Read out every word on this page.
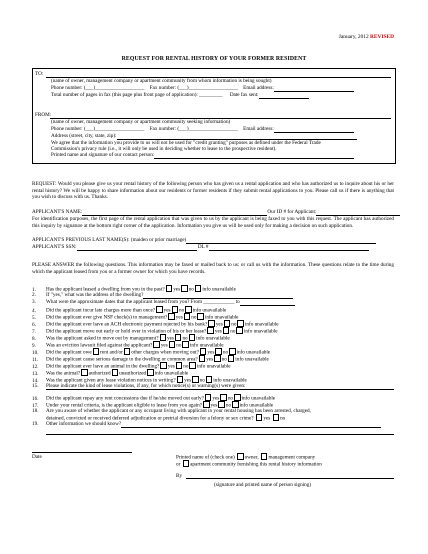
January, 2012 REVISED
REQUEST FOR RENTAL HISTORY OF YOUR FORMER RESIDENT
TO:
(name of owner, management company or apartment community from whom information is being sought)
Phone number: (___)___________________ Fax number: (___)___________________ Email address:
Total number of pages in fax (this page plus front page of application): _________ Date fax sent:
FROM:
(name of owner, management company or apartment community seeking information)
Phone number: (___)___________________ Fax number: (___)___________________ Email address:
Address (street, city, state, zip):
We agree that the information you provide to us will not be used for "credit granting" purposes as defined under the Federal Trade
Commission's privacy rule (i.e., it will only be used in deciding whether to lease to the prospective resident).
Printed name and signature of our contact person:
REQUEST: Would you please give us your rental history of the following person who has given us a rental application and who has authorized us to inquire about his or her rental history? We will be happy to share information about our residents or former residents if they submit rental applications to you. Please call us if there is anything that you wish to discuss with us. Thanks.
APPLICANT'S NAME:	Our ID # for Applicant:
For identification purposes, the first page of the rental application that was given to us by the applicant is being faxed to you with this request. The applicant has authorized this inquiry by signature at the bottom right corner of the application. Information you give us will be used only for making a decision on such application.
APPLICANT'S PREVIOUS LAST NAME(S): (maiden or prior marriage)
APPLICANT'S SSN:	DL #
PLEASE ANSWER the following questions. This information may be faxed or mailed back to us: or call us with the information. These questions relate to the time during which the applicant leased from you or a former owner for which you have records.
1. Has the applicant leased a dwelling from you in the past? yes no info unavailable
2. If "yes," what was the address of the dwelling?
3. What were the approximate dates that the applicant leased from you? From ____________ to
4. Did the applicant incur late charges more than once? yes no info unavailable
5. Did the applicant ever give NSF check(s) to management? yes no info unavailable
6. Did the applicant ever have an ACH electronic payment rejected by his bank? yes no info unavailable
7. Did the applicant move out early or hold over in violation of his or her lease? yes no info unavailable
8. Was the applicant asked to move out by management? yes no info unavailable
9. Was an eviction lawsuit filed against the applicant? yes no info unavailable
10. Did the applicant owe rent and/or other charges when moving out? yes no info unavailable
11. Did the applicant cause serious damage to the dwelling or common area? yes no info unavailable
12. Did the applicant ever have an animal in the dwelling? yes no info unavailable
13. Was the animal? authorized unauthorized info unavailable
14. Was the applicant given any lease violation notices in writing? yes no info unavailable
15. Please indicate the kind of lease violations, if any, for which notice(s) or warning(s) were given:
16. Did the applicant repay any rent concessions due if he/she moved out early? yes no info unavailable
17. Under your rental criteria, is the applicant eligible to lease from you again? yes no info unavailable
18. Are you aware of whether the applicant or any occupant living with applicant in your rental housing has been arrested, charged,
detained, convicted or received deferred adjudication or pretrial diversion for a felony or sex crime? yes no
19. Other information we should know?
Date	Printed name of (check one) owner, management company
or apartment community furnishing this rental history information
By
(signature and printed name of person signing)
